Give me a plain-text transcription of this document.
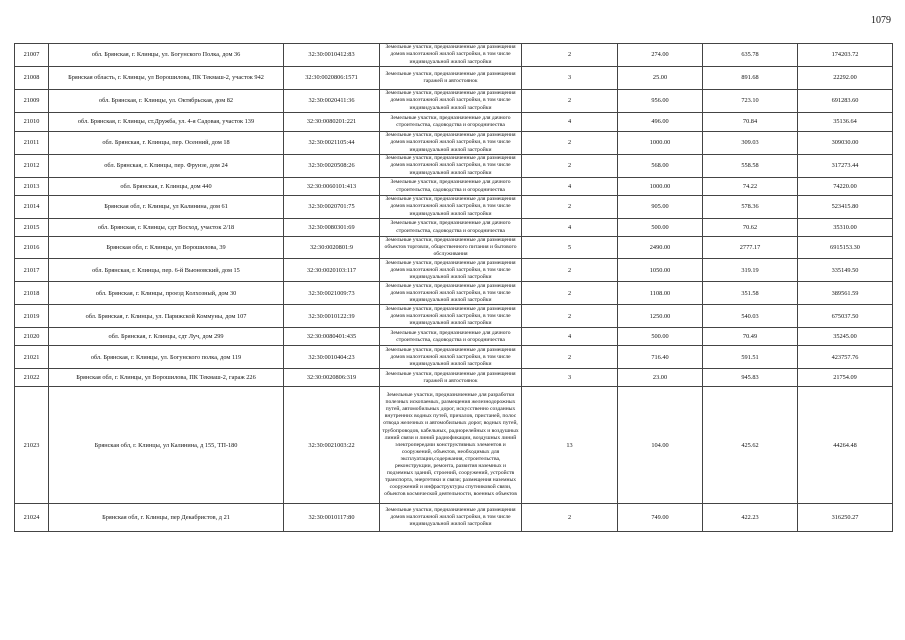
1079
21007	обл. Брянская, г. Клинцы, ул. Богунского Полка, дом 36	32:30:0010412:83	Земельные участки, предназначенные для размещения домов малоэтажной жилой застройки, в том числе индивидуальной жилой застройки	2	274.00	635.78	174203.72
21008	Брянская область, г. Клинцы, ул Ворошилова, ПК Текмаш-2, участок 942	32:30:0020806:1571	Земельные участки, предназначенные для размещения гаражей и автостоянок	3	25.00	891.68	22292.00
21009	обл. Брянская, г. Клинцы, ул. Октябрьская, дом 82	32:30:0020411:36	Земельные участки, предназначенные для размещения домов малоэтажной жилой застройки, в том числе индивидуальной жилой застройки	2	956.00	723.10	691283.60
21010	обл. Брянская, г. Клинцы, ст.Дружба, ул. 4-я Садовая, участок 139	32:30:0080201:221	Земельные участки, предназначенные для дачного строительства, садоводства и огородничества	4	496.00	70.84	35136.64
21011	обл. Брянская, г. Клинцы, пер. Осенний, дом 18	32:30:0021105:44	Земельные участки, предназначенные для размещения домов малоэтажной жилой застройки, в том числе индивидуальной жилой застройки	2	1000.00	309.03	309030.00
21012	обл. Брянская, г. Клинцы, пер. Фрунзе, дом 24	32:30:0020508:26	Земельные участки, предназначенные для размещения домов малоэтажной жилой застройки, в том числе индивидуальной жилой застройки	2	568.00	558.58	317273.44
21013	обл. Брянская, г. Клинцы, дом 440	32:30:0060101:413	Земельные участки, предназначенные для дачного строительства, садоводства и огородничества	4	1000.00	74.22	74220.00
21014	Брянская обл, г. Клинцы, ул Калинина, дом 61	32:30:0020701:75	Земельные участки, предназначенные для размещения домов малоэтажной жилой застройки, в том числе индивидуальной жилой застройки	2	905.00	578.36	523415.80
21015	обл. Брянская, г. Клинцы, сдт Восход, участок 2/18	32:30:0080301:69	Земельные участки, предназначенные для дачного строительства, садоводства и огородничества	4	500.00	70.62	35310.00
21016	Брянская обл, г. Клинцы, ул Ворошилова, 39	32:30:0020801:9	Земельные участки, предназначенные для размещения объектов торговли, общественного питания и бытового обслуживания	5	2490.00	2777.17	6915153.30
21017	обл. Брянская, г. Клинцы, пер. 6-й Вьюновский, дом 15	32:30:0020103:117	Земельные участки, предназначенные для размещения домов малоэтажной жилой застройки, в том числе индивидуальной жилой застройки	2	1050.00	319.19	335149.50
21018	обл. Брянская, г. Клинцы, проезд Колхозный, дом 30	32:30:0021009:73	Земельные участки, предназначенные для размещения домов малоэтажной жилой застройки, в том числе индивидуальной жилой застройки	2	1108.00	351.58	389561.59
21019	обл. Брянская, г. Клинцы, ул. Парижской Коммуны, дом 107	32:30:0010122:39	Земельные участки, предназначенные для размещения домов малоэтажной жилой застройки, в том числе индивидуальной жилой застройки	2	1250.00	540.03	675037.50
21020	обл. Брянская, г. Клинцы, сдт Луч, дом 299	32:30:0080401:435	Земельные участки, предназначенные для дачного строительства, садоводства и огородничества	4	500.00	70.49	35245.00
21021	обл. Брянская, г. Клинцы, ул. Богунского полка, дом 119	32:30:0010404:23	Земельные участки, предназначенные для размещения домов малоэтажной жилой застройки, в том числе индивидуальной жилой застройки	2	716.40	591.51	423757.76
21022	Брянская обл, г. Клинцы, ул Ворошилова, ПК Текмаш-2, гараж 226	32:30:0020806:319	Земельные участки, предназначенные для размещения гаражей и автостоянок	3	23.00	945.83	21754.09
21023	Брянская обл, г. Клинцы, ул Калинина, д 155, ТП-180	32:30:0021003:22	Земельные участки, предназначенные для разработки полезных ископаемых, размещения железнодорожных путей, автомобильных дорог, искусственно созданных внутренних водных путей, причалов, пристаней, полос отвода железных и автомобильных дорог, водных путей, трубопроводов, кабельных, радиорелейных и воздушных линий связи и линий радиофикации, воздушных линий электропередачи конструктивных элементов и сооружений, объектов, необходимых для эксплуатации,содержания, строительства, реконструкции, ремонта, развития наземных и подземных зданий, строений, сооружений, устройств транспорта, энергетики и связи; размещения наземных сооружений и инфраструктуры спутниковой связи, объектов космической деятельности, военных объектов	13	104.00	425.62	44264.48
21024	Брянская обл, г. Клинцы, пер Декабристов, д 21	32:30:0010117:80	Земельные участки, предназначенные для размещения домов малоэтажной жилой застройки, в том числе индивидуальной жилой застройки	2	749.00	422.23	316250.27
